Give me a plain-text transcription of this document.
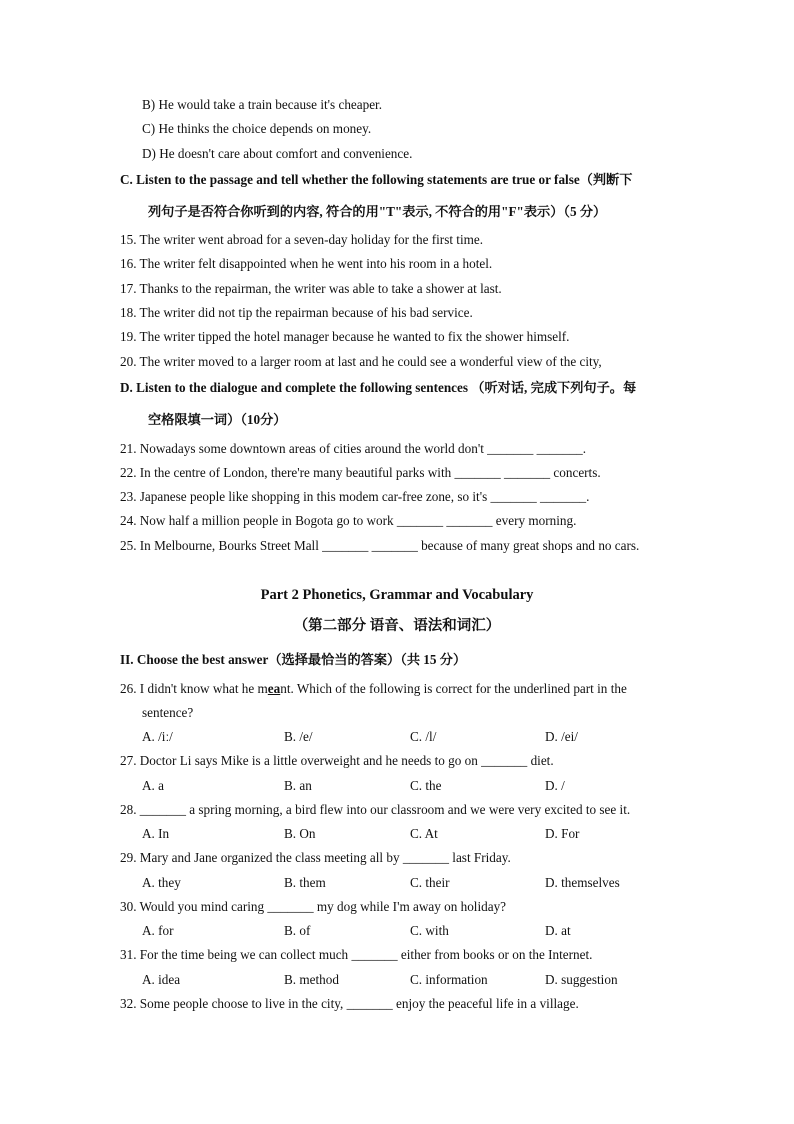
B) He would take a train because it's cheaper.
C) He thinks the choice depends on money.
D) He doesn't care about comfort and convenience.
C. Listen to the passage and tell whether the following statements are true or false（判断下
列句子是否符合你听到的内容, 符合的用"T"表示, 不符合的用"F"表示）（5 分）
15. The writer went abroad for a seven-day holiday for the first time.
16. The writer felt disappointed when he went into his room in a hotel.
17. Thanks to the repairman, the writer was able to take a shower at last.
18. The writer did not tip the repairman because of his bad service.
19. The writer tipped the hotel manager because he wanted to fix the shower himself.
20. The writer moved to a larger room at last and he could see a wonderful view of the city,
D. Listen to the dialogue and complete the following sentences （听对话, 完成下列句子。每
空格限填一词）（10分）
21. Nowadays some downtown areas of cities around the world don't _______ _______.
22. In the centre of London, there're many beautiful parks with _______ _______ concerts.
23. Japanese people like shopping in this modem car-free zone, so it's _______ _______.
24. Now half a million people in Bogota go to work _______ _______ every morning.
25. In Melbourne, Bourks Street Mall _______ _______ because of many great shops and no cars.
Part 2 Phonetics, Grammar and Vocabulary
（第二部分 语音、语法和词汇）
II. Choose the best answer（选择最恰当的答案）（共 15 分）
26. I didn't know what he meant. Which of the following is correct for the underlined part in the
sentence?
A. /iː/	B. /e/	C. /l/	D. /ei/
27. Doctor Li says Mike is a little overweight and he needs to go on _______ diet.
A. a	B. an	C. the	D. /
28. _______ a spring morning, a bird flew into our classroom and we were very excited to see it.
A. In	B. On	C. At	D. For
29. Mary and Jane organized the class meeting all by _______ last Friday.
A. they	B. them	C. their	D. themselves
30. Would you mind caring _______ my dog while I'm away on holiday?
A. for	B. of	C. with	D. at
31. For the time being we can collect much _______ either from books or on the Internet.
A. idea	B. method	C. information	D. suggestion
32. Some people choose to live in the city, _______ enjoy the peaceful life in a village.
